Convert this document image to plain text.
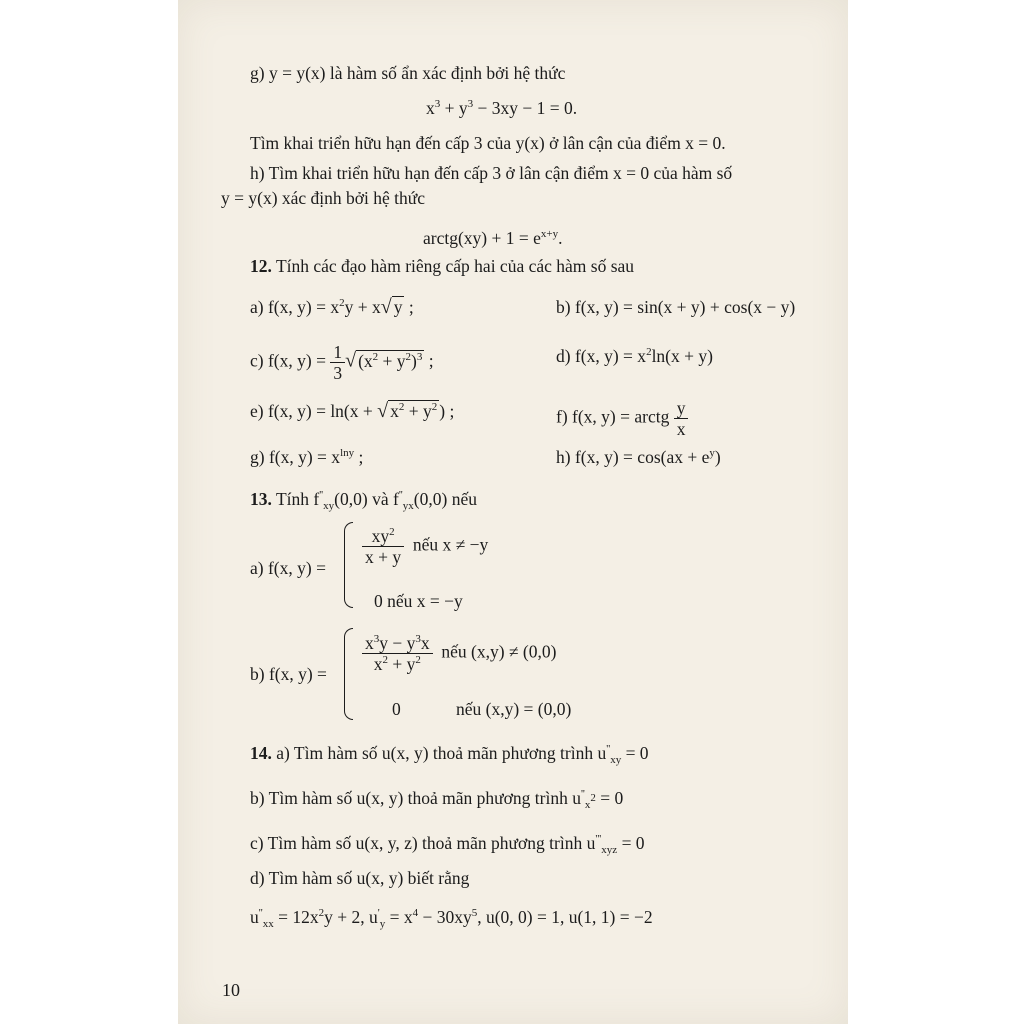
g) y = y(x) là hàm số ẩn xác định bởi hệ thức
$x^3 + y^3 - 3xy - 1 = 0$.
Tìm khai triển hữu hạn đến cấp 3 của y(x) ở lân cận của điểm x = 0.
h) Tìm khai triển hữu hạn đến cấp 3 ở lân cận điểm x = 0 của hàm số
y = y(x) xác định bởi hệ thức
arctg(xy) + $1 = e^{x+y}$.
12. Tính các đạo hàm riêng cấp hai của các hàm số sau
a) f(x, $y) = x^2y + x√$ y ;	b) f(x, y) = sin(x + y) + cos(x − y)
c) f(x, $y) = \frac{1}{3}$ √ $(x^2 + y^2)^3$ ;	d) f(x, $y) = x^2\ln(x + y)$
e) f(x, y) = ln(x + √ $x^2 + y^2$ ) ;	f) f(x, y) = arctg $\frac{y}{x}$
g) f(x, $y) = x^{lny}$ ;	h) f(x, $y) = \cos(ax + e^y)$
13. Tính $f''_{xy}(0,0)$ và $f''_{yx}(0,0)$ nếu
a) f(x, y) =
$\frac{xy^2}{x + y}$ nếu x ≠ −y
0 nếu x = −y
b) f(x, $y) = \frac{x^3y - y^3x}{x^2 + y^2}$ nếu (x,y) ≠ (0,0)
0	nếu (x,y) = (0,0)
14. a) Tìm hàm số u(x, y) thoả mãn phương trình $u''_{xy} = 0$
b) Tìm hàm số u(x, y) thoả mãn phương trình $u''_{x^2} = 0$
c) Tìm hàm số u(x, y, z) thoả mãn phương trình $u'''_{xyz} = 0$
d) Tìm hàm số u(x, y) biết rằng
$u''_{xx} = 12x^2y + 2$, $u'_y = x^4 - 30xy^5$, u(0, 0) = 1, u(1, 1) = −2
10
